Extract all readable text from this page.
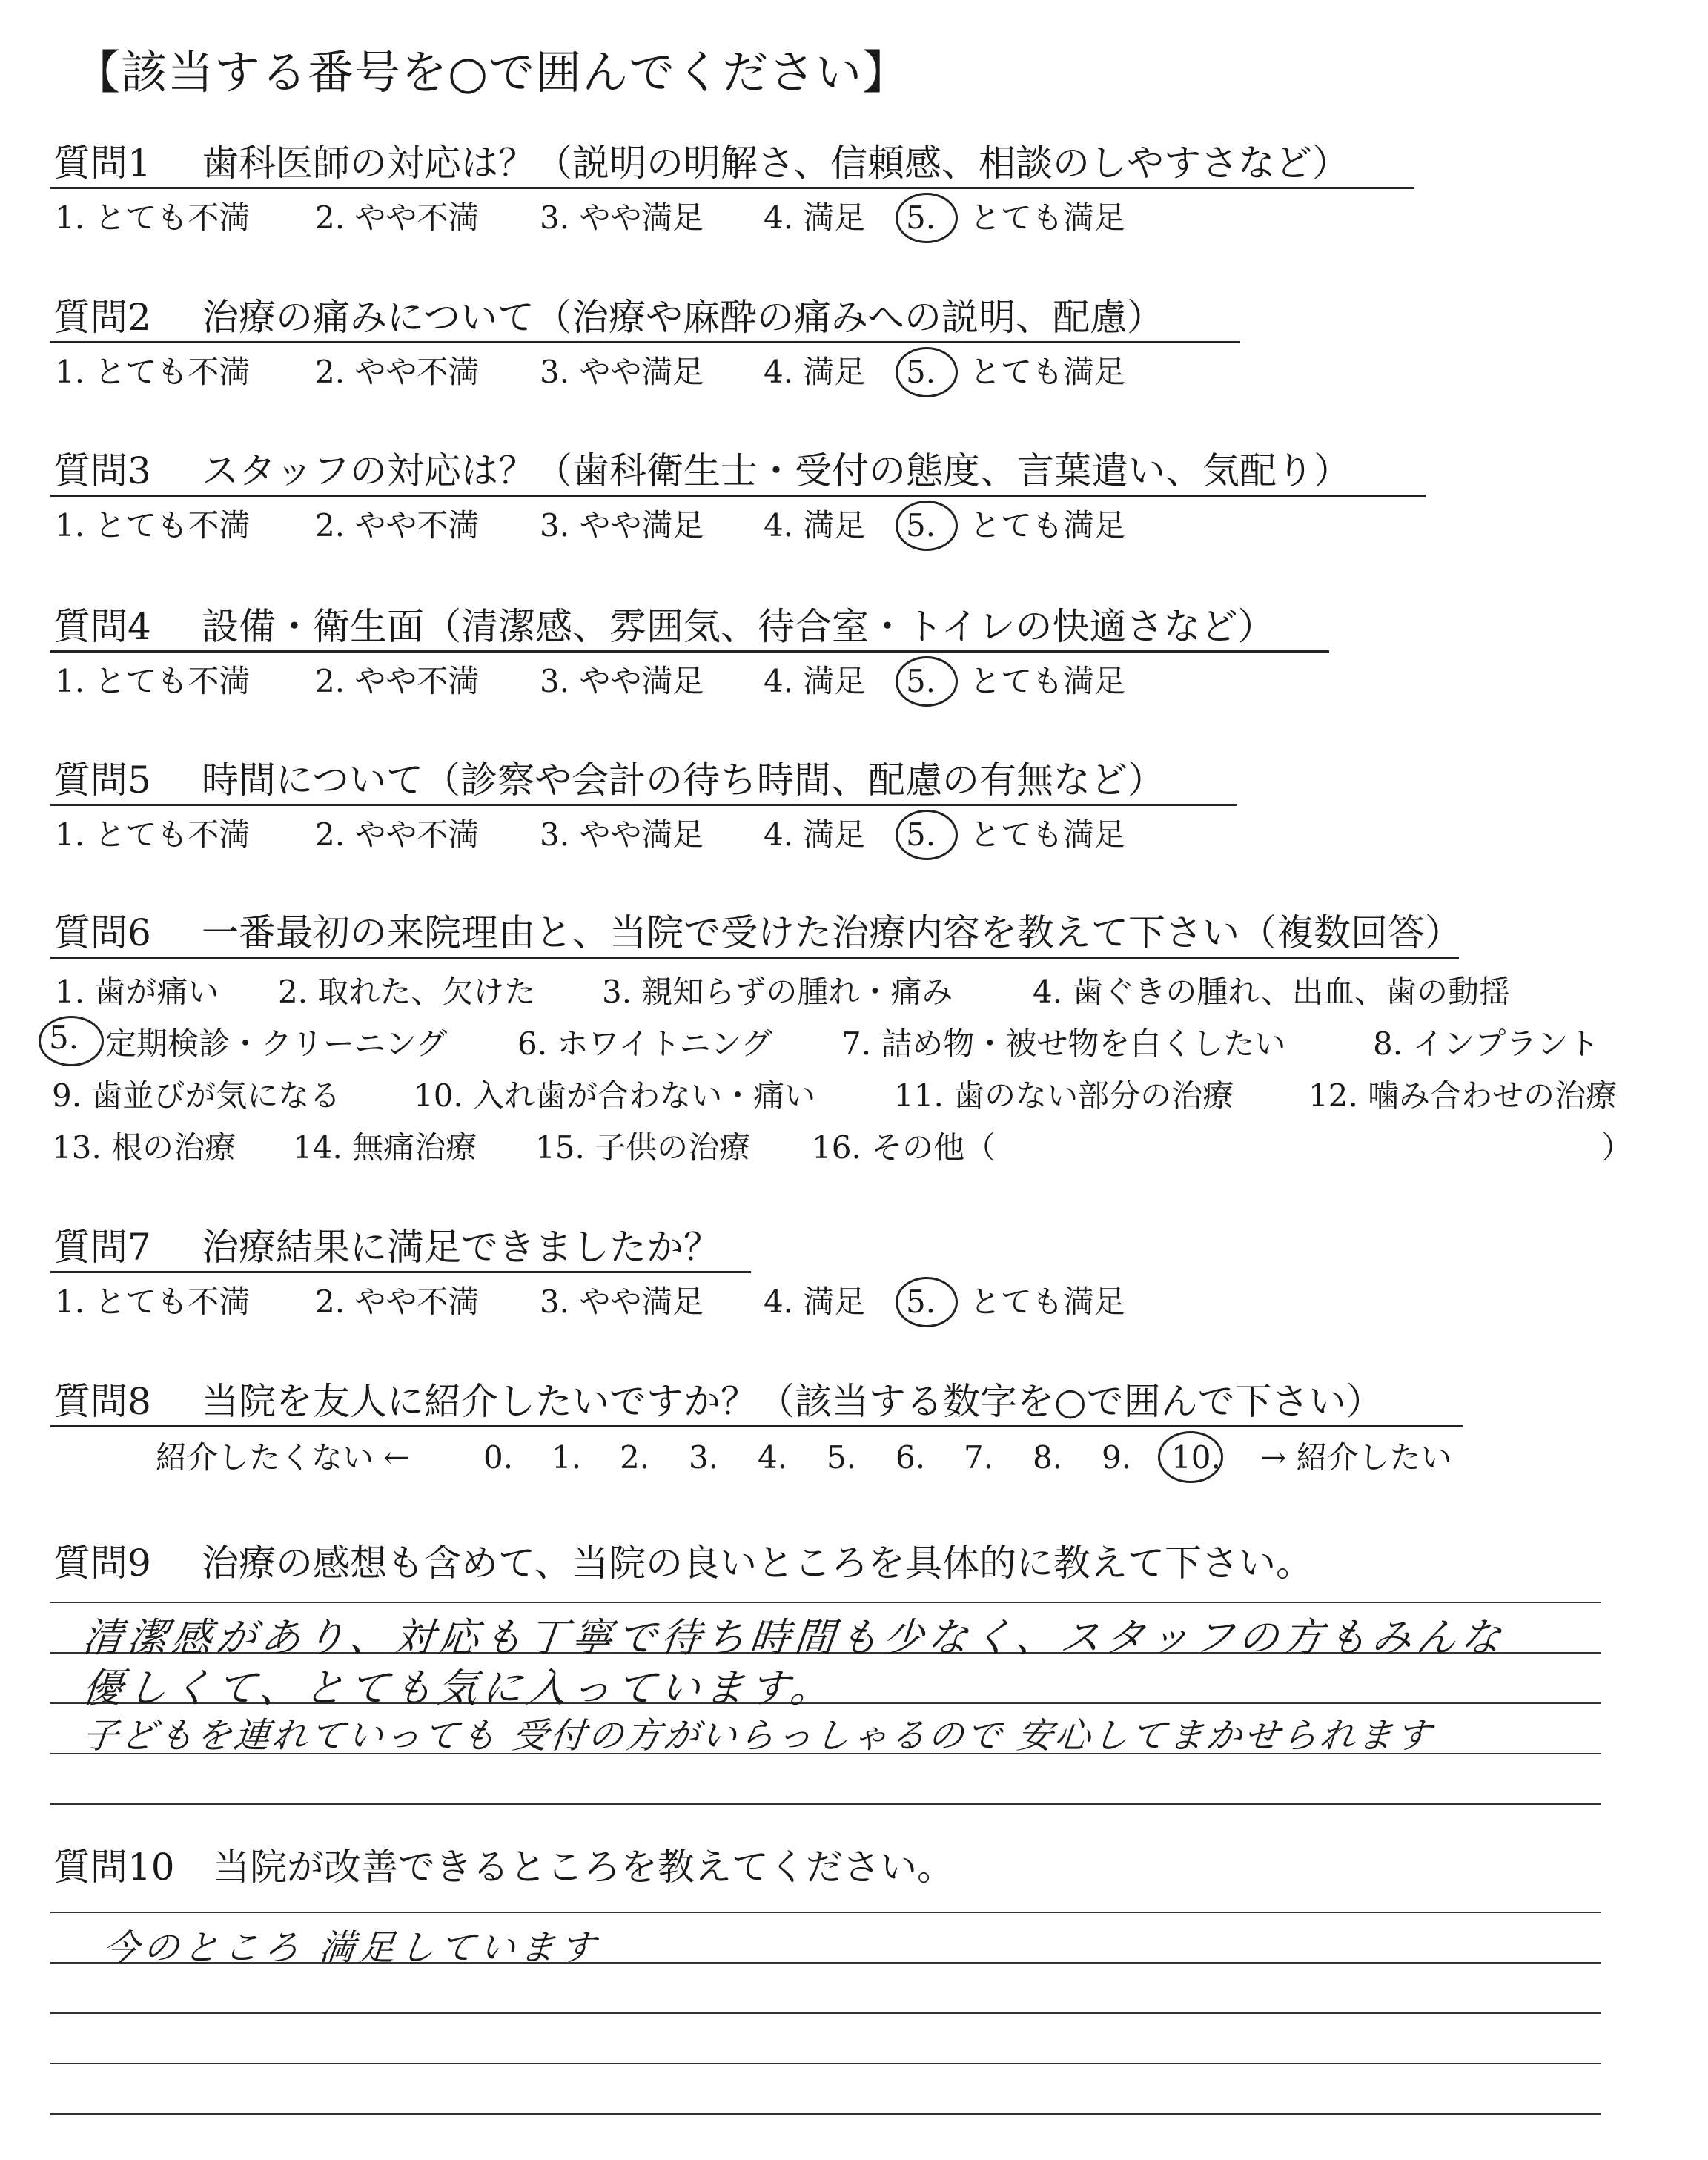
【該当する番号を○で囲んでください】
質問1 歯科医師の対応は？（説明の明解さ、信頼感、相談のしやすさなど）
1. とても不満 2. やや不満 3. やや満足 4. 満足 5. とても満足
質問2 治療の痛みについて（治療や麻酔の痛みへの説明、配慮）
1. とても不満 2. やや不満 3. やや満足 4. 満足 5. とても満足
質問3 スタッフの対応は？（歯科衛生士・受付の態度、言葉遣い、気配り）
1. とても不満 2. やや不満 3. やや満足 4. 満足 5. とても満足
質問4 設備・衛生面（清潔感、雰囲気、待合室・トイレの快適さなど）
1. とても不満 2. やや不満 3. やや満足 4. 満足 5. とても満足
質問5 時間について（診察や会計の待ち時間、配慮の有無など）
1. とても不満 2. やや不満 3. やや満足 4. 満足 5. とても満足
質問7 治療結果に満足できましたか？
1. とても不満 2. やや不満 3. やや満足 4. 満足 5. とても満足
質問6 一番最初の来院理由と、当院で受けた治療内容を教えて下さい（複数回答）
1. 歯が痛い 2. 取れた、欠けた 3. 親知らずの腫れ・痛み	4. 歯ぐきの腫れ、出血、歯の動揺
5. 定期検診・クリーニング 6. ホワイトニング 7. 詰め物・被せ物を白くしたい	8. インプラント
9. 歯並びが気になる 10. 入れ歯が合わない・痛い	11. 歯のない部分の治療 12. 噛み合わせの治療
13. 根の治療 14. 無痛治療 15. 子供の治療 16. その他（	）
質問8 当院を友人に紹介したいですか？（該当する数字を○で囲んで下さい）
紹介したくない ← 0. 1. 2. 3. 4. 5. 6. 7. 8. 9. 10. → 紹介したい
質問9 治療の感想も含めて、当院の良いところを具体的に教えて下さい。
清潔感があり、対応も丁寧で待ち時間も少なく、スタッフの方もみんな
優しくて、とても気に入っています。
子どもを連れていっても 受付の方がいらっしゃるので 安心してまかせられます
質問10 当院が改善できるところを教えてください。
今のところ 満足しています
